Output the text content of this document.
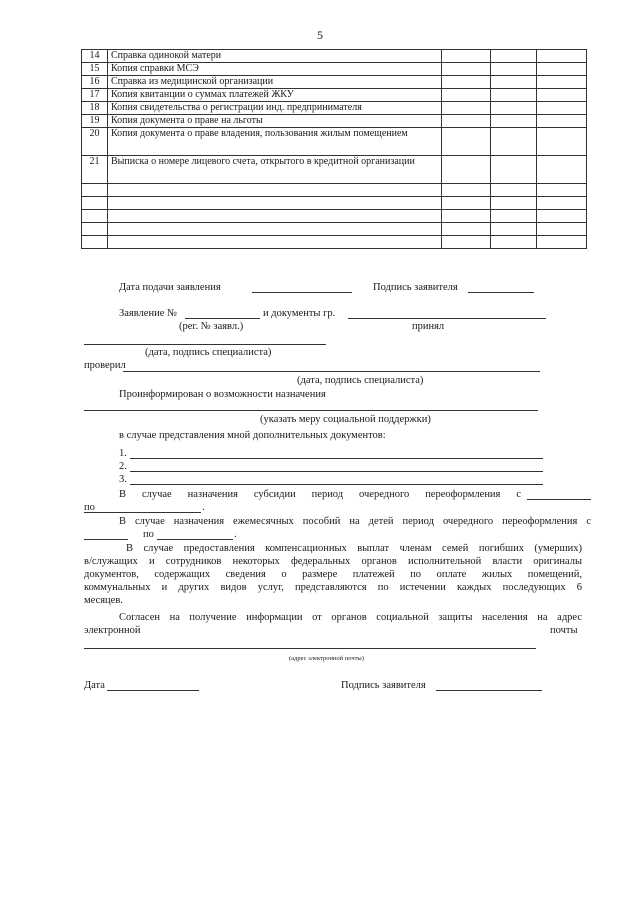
5
14	Справка одинокой матери			
15	Копия справки МСЭ			
16	Справка из медицинской организации			
17	Копия квитанции о суммах платежей ЖКУ			
18	Копия свидетельства о регистрации инд. предпринимателя			
19	Копия документа о праве на льготы			
20	Копия документа о праве владения, пользования жилым помещением			
21	Выписка о номере лицевого счета, открытого в кредитной организации			

Дата подачи заявления	Подпись заявителя
Заявление №	и документы гр.
(рег. № заявл.)	принял
(дата, подпись специалиста)
проверил
(дата, подпись специалиста)
Проинформирован о возможности назначения
(указать меру социальной поддержки)
в случае представления мной дополнительных документов:
1.
2.
3.
В случае назначения субсидии период очередного переоформления с
по	.
В случае назначения ежемесячных пособий на детей период очередного переоформления с
по	.
В случае предоставления компенсационных выплат членам семей погибших (умерших)
в/служащих и сотрудников некоторых федеральных органов исполнительной власти оригиналы
документов, содержащих сведения о размере платежей по оплате жилых помещений,
коммунальных и других видов услуг, представляются по истечении каждых последующих 6
месяцев.
Согласен на получение информации от органов социальной защиты населения на адрес
электронной	почты
(адрес электронной почты)
Дата	Подпись заявителя
